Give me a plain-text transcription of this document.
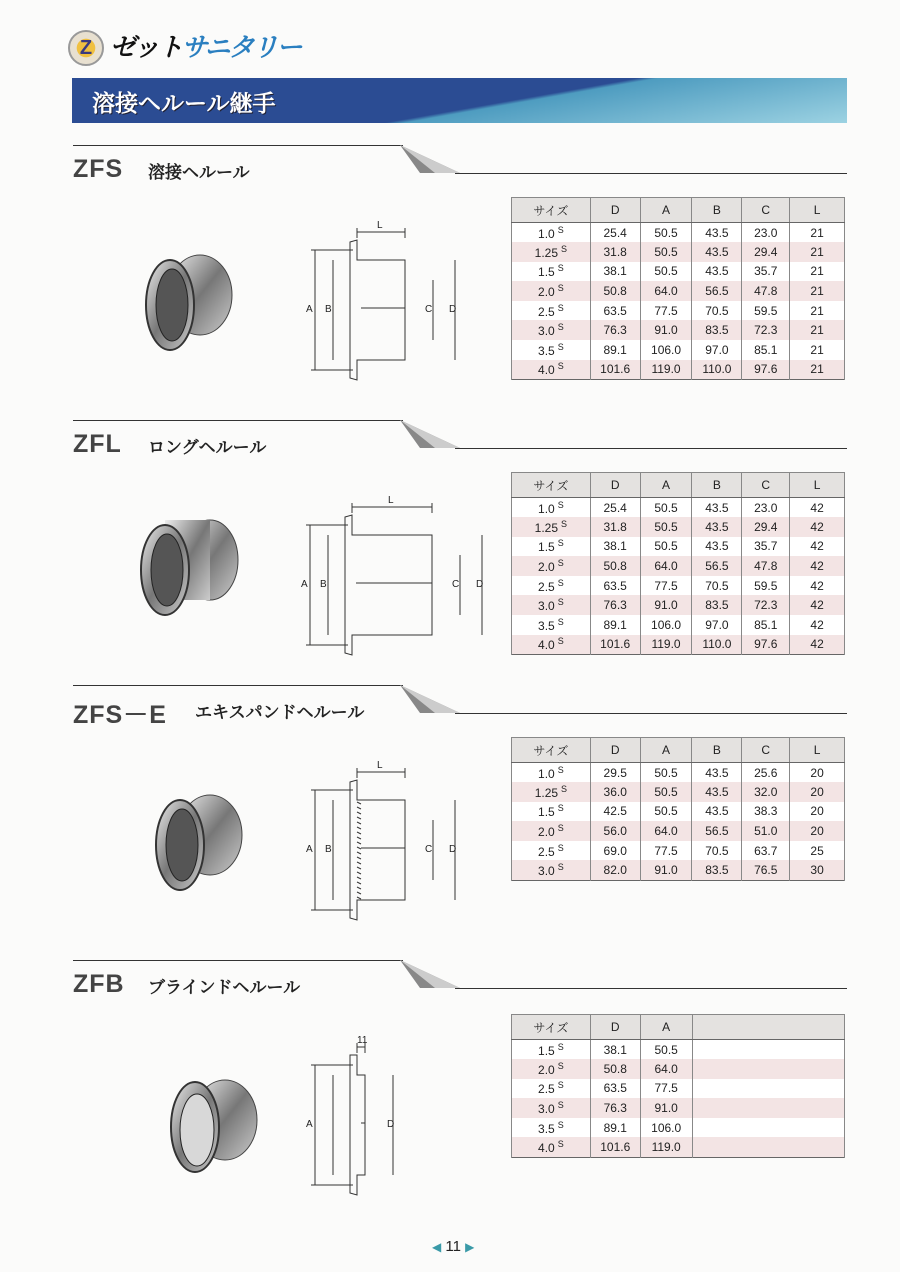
Z ゼットサニタリー
溶接ヘルール継手
ZFS 溶接ヘルール
A B	C D
L
ZFL ロングヘルール
A B	C D
L
ZFS－E エキスパンドヘルール
A B	C D
L
ZFB ブラインドヘルール
A	D
11
◀ 11 ▶
サイズ	D	A	B	C	L
1.0 $^S$	25.4	50.5	43.5	23.0	21
1.25 $^S$	31.8	50.5	43.5	29.4	21
1.5 $^S$	38.1	50.5	43.5	35.7	21
2.0 $^S$	50.8	64.0	56.5	47.8	21
2.5 $^S$	63.5	77.5	70.5	59.5	21
3.0 $^S$	76.3	91.0	83.5	72.3	21
3.5 $^S$	89.1	106.0	97.0	85.1	21
4.0 $^S$	101.6	119.0	110.0	97.6	21
サイズ	D	A	B	C	L
1.0 $^S$	25.4	50.5	43.5	23.0	42
1.25 $^S$	31.8	50.5	43.5	29.4	42
1.5 $^S$	38.1	50.5	43.5	35.7	42
2.0 $^S$	50.8	64.0	56.5	47.8	42
2.5 $^S$	63.5	77.5	70.5	59.5	42
3.0 $^S$	76.3	91.0	83.5	72.3	42
3.5 $^S$	89.1	106.0	97.0	85.1	42
4.0 $^S$	101.6	119.0	110.0	97.6	42
サイズ	D	A	B	C	L
1.0 $^S$	29.5	50.5	43.5	25.6	20
1.25 $^S$	36.0	50.5	43.5	32.0	20
1.5 $^S$	42.5	50.5	43.5	38.3	20
2.0 $^S$	56.0	64.0	56.5	51.0	20
2.5 $^S$	69.0	77.5	70.5	63.7	25
3.0 $^S$	82.0	91.0	83.5	76.5	30
サイズ	D	A	
1.5 $^S$	38.1	50.5	
2.0 $^S$	50.8	64.0	
2.5 $^S$	63.5	77.5	
3.0 $^S$	76.3	91.0	
3.5 $^S$	89.1	106.0	
4.0 $^S$	101.6	119.0	
